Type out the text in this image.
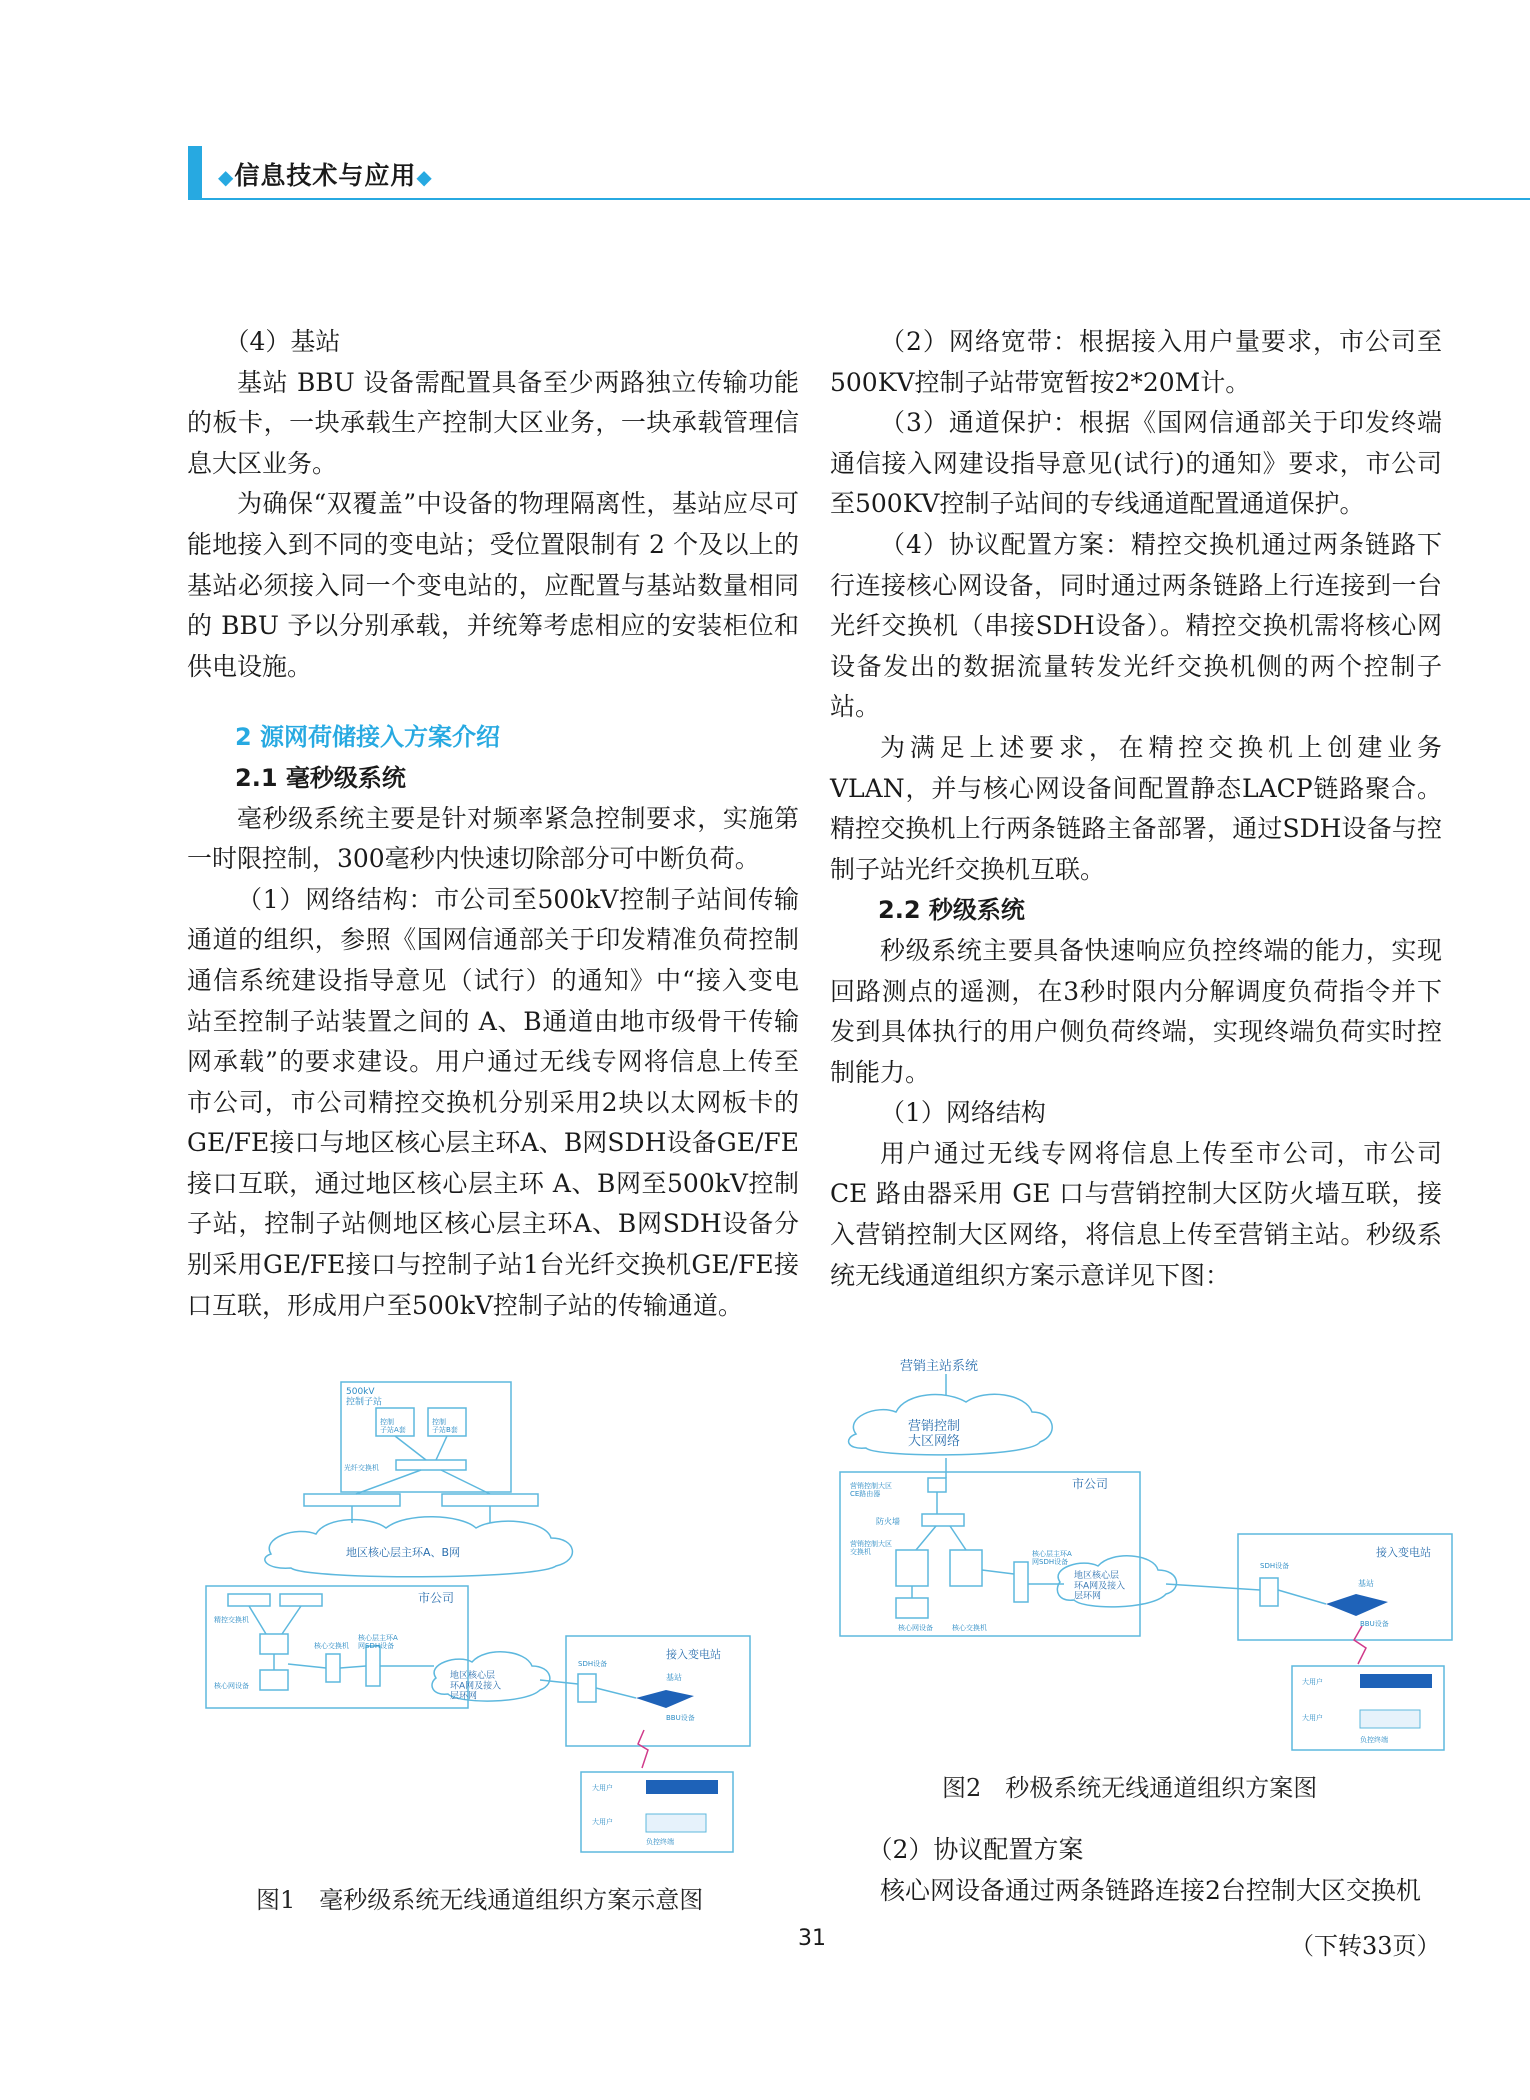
◆信息技术与应用◆

（4）基站

基站 BBU 设备需配置具备至少两路独立传输功能的板卡，一块承载生产控制大区业务，一块承载管理信息大区业务。

为确保“双覆盖”中设备的物理隔离性，基站应尽可能地接入到不同的变电站；受位置限制有 2 个及以上的基站必须接入同一个变电站的，应配置与基站数量相同的 BBU 予以分别承载，并统筹考虑相应的安装柜位和供电设施。

2 源网荷储接入方案介绍

2.1 毫秒级系统

毫秒级系统主要是针对频率紧急控制要求，实施第一时限控制，300毫秒内快速切除部分可中断负荷。

（1）网络结构：市公司至500kV控制子站间传输通道的组织，参照《国网信通部关于印发精准负荷控制通信系统建设指导意见（试行）的通知》中“接入变电站至控制子站装置之间的 A、B通道由地市级骨干传输网承载”的要求建设。用户通过无线专网将信息上传至市公司，市公司精控交换机分别采用2块以太网板卡的GE/FE接口与地区核心层主环A、B网SDH设备GE/FE接口互联，通过地区核心层主环 A、B网至500kV控制子站，控制子站侧地区核心层主环A、B网SDH设备分别采用GE/FE接口与控制子站1台光纤交换机GE/FE接口互联，形成用户至500kV控制子站的传输通道。

（2）网络宽带：根据接入用户量要求，市公司至500KV控制子站带宽暂按2*20M计。

（3）通道保护：根据《国网信通部关于印发终端通信接入网建设指导意见(试行)的通知》要求，市公司至500KV控制子站间的专线通道配置通道保护。

（4）协议配置方案：精控交换机通过两条链路下行连接核心网设备，同时通过两条链路上行连接到一台光纤交换机（串接SDH设备）。精控交换机需将核心网设备发出的数据流量转发光纤交换机侧的两个控制子站。

为满足上述要求，在精控交换机上创建业务VLAN，并与核心网设备间配置静态LACP链路聚合。精控交换机上行两条链路主备部署，通过SDH设备与控制子站光纤交换机互联。

2.2 秒级系统

秒级系统主要具备快速响应负控终端的能力，实现回路测点的遥测，在3秒时限内分解调度负荷指令并下发到具体执行的用户侧负荷终端，实现终端负荷实时控制能力。

（1）网络结构

用户通过无线专网将信息上传至市公司，市公司CE 路由器采用 GE 口与营销控制大区防火墙互联，接入营销控制大区网络，将信息上传至营销主站。秒级系统无线通道组织方案示意详见下图：

500kV 控制子站
控制子站A套
控制子站B套
光纤交换机
地区核心层主环A、B网
市公司
精控交换机
核心网设备
核心交换机
核心层主环A 网SDH设备
地区核心层环A网及接入层环网
接入变电站
SDH设备
基站
BBU设备
大用户
大用户
负控终端
营销主站系统
营销控制大区网络
市公司
营销控制大区 CE路由器
防火墙
营销控制大区交换机
核心网设备	核心交换机
核心层主环A 网SDH设备
地区核心层环A网及接入层环网
接入变电站
SDH设备
基站
BBU设备
大用户
大用户
负控终端
图1　毫秒级系统无线通道组织方案示意图
图2　秒极系统无线通道组织方案图

（2）协议配置方案

核心网设备通过两条链路连接2台控制大区交换机

31	（下转33页）
